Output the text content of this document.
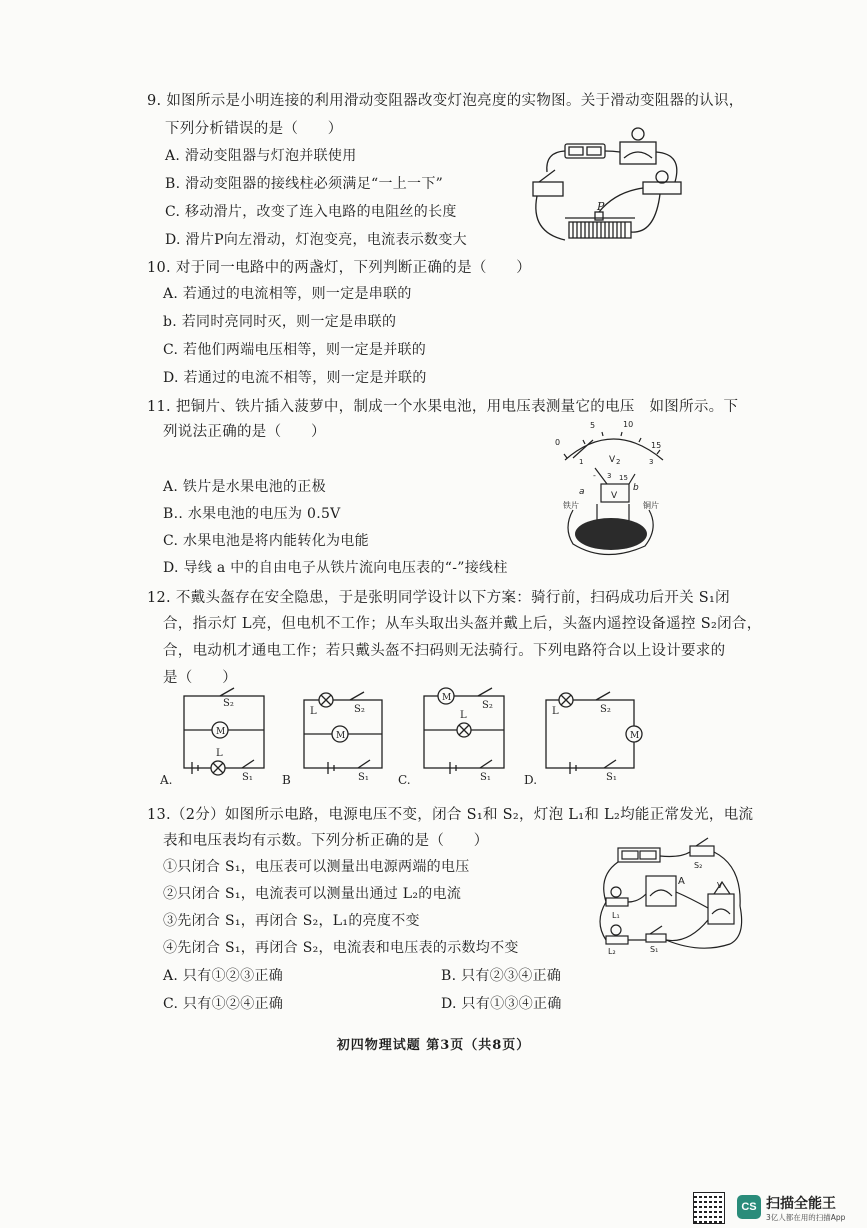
9. 如图所示是小明连接的利用滑动变阻器改变灯泡亮度的实物图。关于滑动变阻器的认识，
下列分析错误的是（　　）
A. 滑动变阻器与灯泡并联使用
B. 滑动变阻器的接线柱必须满足“一上一下”
C. 移动滑片，改变了连入电路的电阻丝的长度
D. 滑片P向左滑动，灯泡变亮，电流表示数变大
P
10. 对于同一电路中的两盏灯，下列判断正确的是（　　）
A. 若通过的电流相等，则一定是串联的
b. 若同时亮同时灭，则一定是串联的
C. 若他们两端电压相等，则一定是并联的
D. 若通过的电流不相等，则一定是并联的
11. 把铜片、铁片插入菠萝中，制成一个水果电池，用电压表测量它的电压　如图所示。下
列说法正确的是（　　）
A. 铁片是水果电池的正极
B.. 水果电池的电压为 0.5V
C. 水果电池是将内能转化为电能
D. 导线 a 中的自由电子从铁片流向电压表的“-”接线柱
0
5	10
15
1	2	3
V
- 3 15
V
a	b
铁片	铜片
12. 不戴头盔存在安全隐患，于是张明同学设计以下方案：骑行前，扫码成功后开关 S₁闭
合，指示灯 L亮，但电机不工作；从车头取出头盔并戴上后，头盔内遥控设备遥控 S₂闭合，
合，电动机才通电工作；若只戴头盔不扫码则无法骑行。下列电路符合以上设计要求的
是（　　）
S₂
M
L
S₁
L	S₂
M
S₁
M
S₂
L
S₁
L	S₂
M
S₁
A.	B	C.	D.
13.（2分）如图所示电路，电源电压不变，闭合 S₁和 S₂，灯泡 L₁和 L₂均能正常发光，电流
表和电压表均有示数。下列分析正确的是（　　）
①只闭合 S₁，电压表可以测量出电源两端的电压
②只闭合 S₁，电流表可以测量出通过 L₂的电流
③先闭合 S₁，再闭合 S₂，L₁的亮度不变
④先闭合 S₁，再闭合 S₂，电流表和电压表的示数均不变
A. 只有①②③正确	B. 只有②③④正确
C. 只有①②④正确	D. 只有①③④正确
A	V
L₁
L₂	S₁
S₂
初四物理试题 第3页（共8页）
CS 扫描全能王
3亿人都在用的扫描App
